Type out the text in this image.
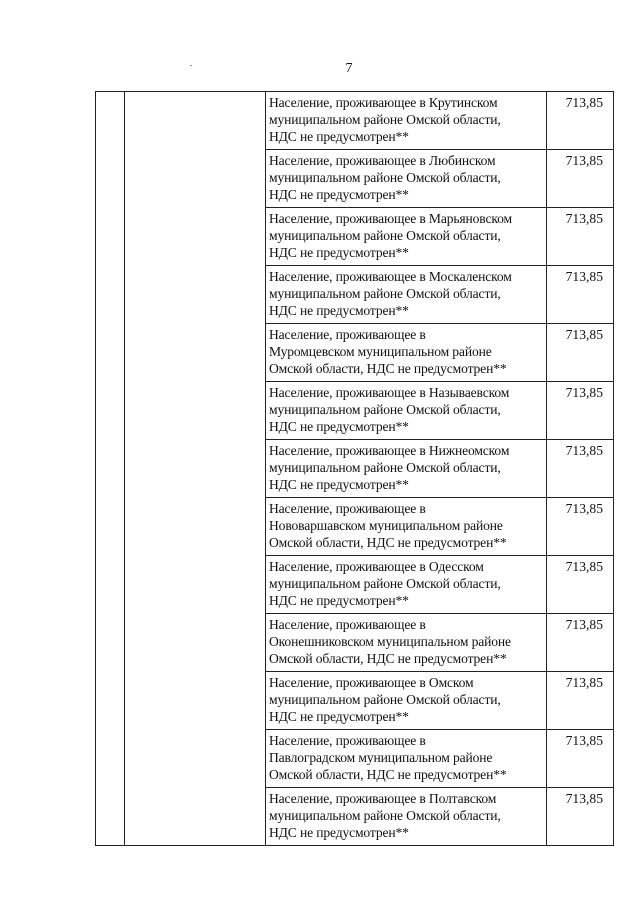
7

		Население, проживающее в Крутинском
муниципальном районе Омской области,
НДС не предусмотрен**	713,85

		Население, проживающее в Любинском
муниципальном районе Омской области,
НДС не предусмотрен**	713,85

		Население, проживающее в Марьяновском
муниципальном районе Омской области,
НДС не предусмотрен**	713,85

		Население, проживающее в Москаленском
муниципальном районе Омской области,
НДС не предусмотрен**	713,85

		Население, проживающее в
Муромцевском муниципальном районе
Омской области, НДС не предусмотрен**	713,85

		Население, проживающее в Называевском
муниципальном районе Омской области,
НДС не предусмотрен**	713,85

		Население, проживающее в Нижнеомском
муниципальном районе Омской области,
НДС не предусмотрен**	713,85

		Население, проживающее в
Нововаршавском муниципальном районе
Омской области, НДС не предусмотрен**	713,85

		Население, проживающее в Одесском
муниципальном районе Омской области,
НДС не предусмотрен**	713,85

		Население, проживающее в
Оконешниковском муниципальном районе
Омской области, НДС не предусмотрен**	713,85

		Население, проживающее в Омском
муниципальном районе Омской области,
НДС не предусмотрен**	713,85

		Население, проживающее в
Павлоградском муниципальном районе
Омской области, НДС не предусмотрен**	713,85

		Население, проживающее в Полтавском
муниципальном районе Омской области,
НДС не предусмотрен**	713,85
